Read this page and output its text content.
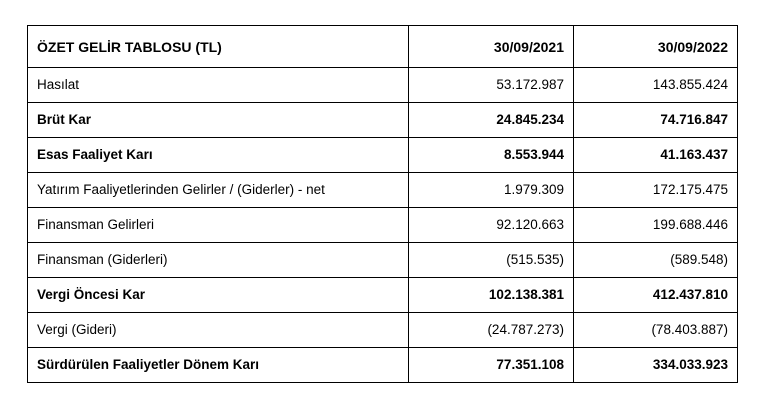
ÖZET GELİR TABLOSU (TL)	30/09/2021	30/09/2022
Hasılat	53.172.987	143.855.424
Brüt Kar	24.845.234	74.716.847
Esas Faaliyet Karı	8.553.944	41.163.437
Yatırım Faaliyetlerinden Gelirler / (Giderler) - net	1.979.309	172.175.475
Finansman Gelirleri	92.120.663	199.688.446
Finansman (Giderleri)	(515.535)	(589.548)
Vergi Öncesi Kar	102.138.381	412.437.810
Vergi (Gideri)	(24.787.273)	(78.403.887)
Sürdürülen Faaliyetler Dönem Karı	77.351.108	334.033.923
